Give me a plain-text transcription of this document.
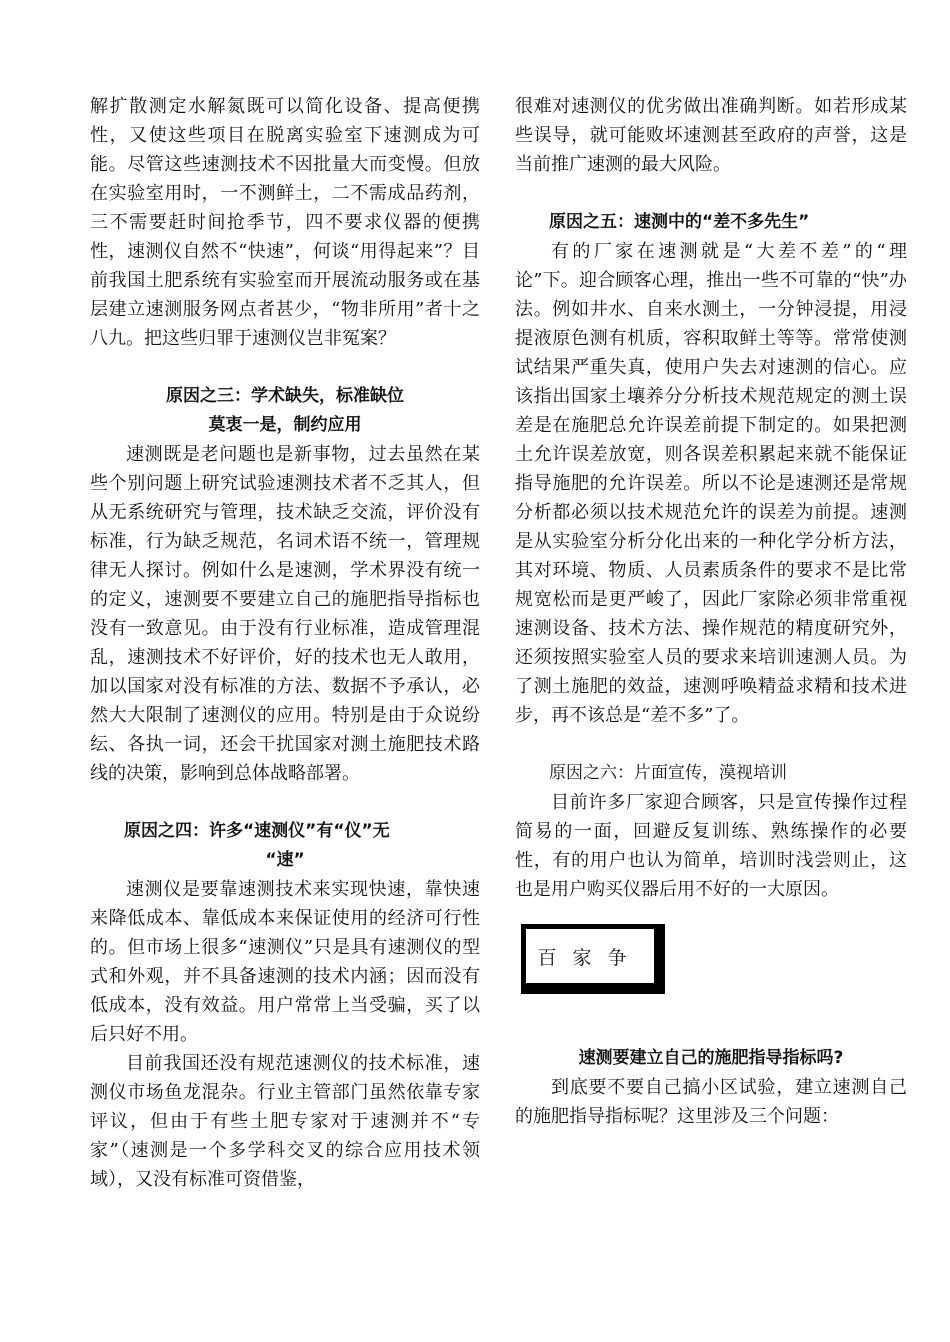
解扩散测定水解氮既可以简化设备、提高便携性，又使这些项目在脱离实验室下速测成为可能。尽管这些速测技术不因批量大而变慢。但放在实验室用时，一不测鲜土，二不需成品药剂，三不需要赶时间抢季节，四不要求仪器的便携性，速测仪自然不“快速”，何谈“用得起来”？目前我国土肥系统有实验室而开展流动服务或在基层建立速测服务网点者甚少，“物非所用”者十之八九。把这些归罪于速测仪岂非冤案？

原因之三：学术缺失，标准缺位

莫衷一是，制约应用

速测既是老问题也是新事物，过去虽然在某些个别问题上研究试验速测技术者不乏其人，但从无系统研究与管理，技术缺乏交流，评价没有标准，行为缺乏规范，名词术语不统一，管理规律无人探讨。例如什么是速测，学术界没有统一的定义，速测要不要建立自己的施肥指导指标也没有一致意见。由于没有行业标准，造成管理混乱，速测技术不好评价，好的技术也无人敢用，加以国家对没有标准的方法、数据不予承认，必然大大限制了速测仪的应用。特别是由于众说纷纭、各执一词，还会干扰国家对测土施肥技术路线的决策，影响到总体战略部署。

原因之四：许多“速测仪”有“仪”无

“速”

速测仪是要靠速测技术来实现快速，靠快速来降低成本、靠低成本来保证使用的经济可行性的。但市场上很多“速测仪”只是具有速测仪的型式和外观，并不具备速测的技术内涵；因而没有低成本，没有效益。用户常常上当受骗，买了以后只好不用。

目前我国还没有规范速测仪的技术标准，速测仪市场鱼龙混杂。行业主管部门虽然依靠专家评议，但由于有些土肥专家对于速测并不“专家”（速测是一个多学科交叉的综合应用技术领域），又没有标准可资借鉴，

很难对速测仪的优劣做出准确判断。如若形成某些误导，就可能败坏速测甚至政府的声誉，这是当前推广速测的最大风险。

原因之五：速测中的“差不多先生”

有的厂家在速测就是“大差不差”的“理论”下。迎合顾客心理，推出一些不可靠的“快”办法。例如井水、自来水测土，一分钟浸提，用浸提液原色测有机质，容积取鲜土等等。常常使测试结果严重失真，使用户失去对速测的信心。应该指出国家土壤养分分析技术规范规定的测土误差是在施肥总允许误差前提下制定的。如果把测土允许误差放宽，则各误差积累起来就不能保证指导施肥的允许误差。所以不论是速测还是常规分析都必须以技术规范允许的误差为前提。速测是从实验室分析分化出来的一种化学分析方法，其对环境、物质、人员素质条件的要求不是比常规宽松而是更严峻了，因此厂家除必须非常重视速测设备、技术方法、操作规范的精度研究外，还须按照实验室人员的要求来培训速测人员。为了测土施肥的效益，速测呼唤精益求精和技术进步，再不该总是“差不多”了。

原因之六：片面宣传，漠视培训

目前许多厂家迎合顾客，只是宣传操作过程简易的一面，回避反复训练、熟练操作的必要性，有的用户也认为简单，培训时浅尝则止，这也是用户购买仪器后用不好的一大原因。

百家争

速测要建立自己的施肥指导指标吗?

到底要不要自己搞小区试验，建立速测自己的施肥指导指标呢？这里涉及三个问题：
